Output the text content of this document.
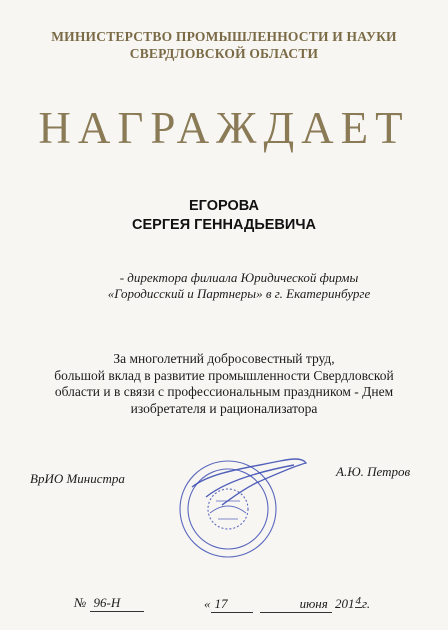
МИНИСТЕРСТВО ПРОМЫШЛЕННОСТИ И НАУКИ
СВЕРДЛОВСКОЙ ОБЛАСТИ
НАГРАЖДАЕТ
ЕГОРОВА
СЕРГЕЯ ГЕННАДЬЕВИЧА
- директора филиала Юридической фирмы
«Городисский и Партнеры» в г. Екатеринбурге
За многолетний добросовестный труд,
большой вклад в развитие промышленности Свердловской
области и в связи с профессиональным праздником - Днем
изобретателя и рационализатора
ВрИО Министра	А.Ю. Петров
№ 96-Н	« 17	июня 2014г.
